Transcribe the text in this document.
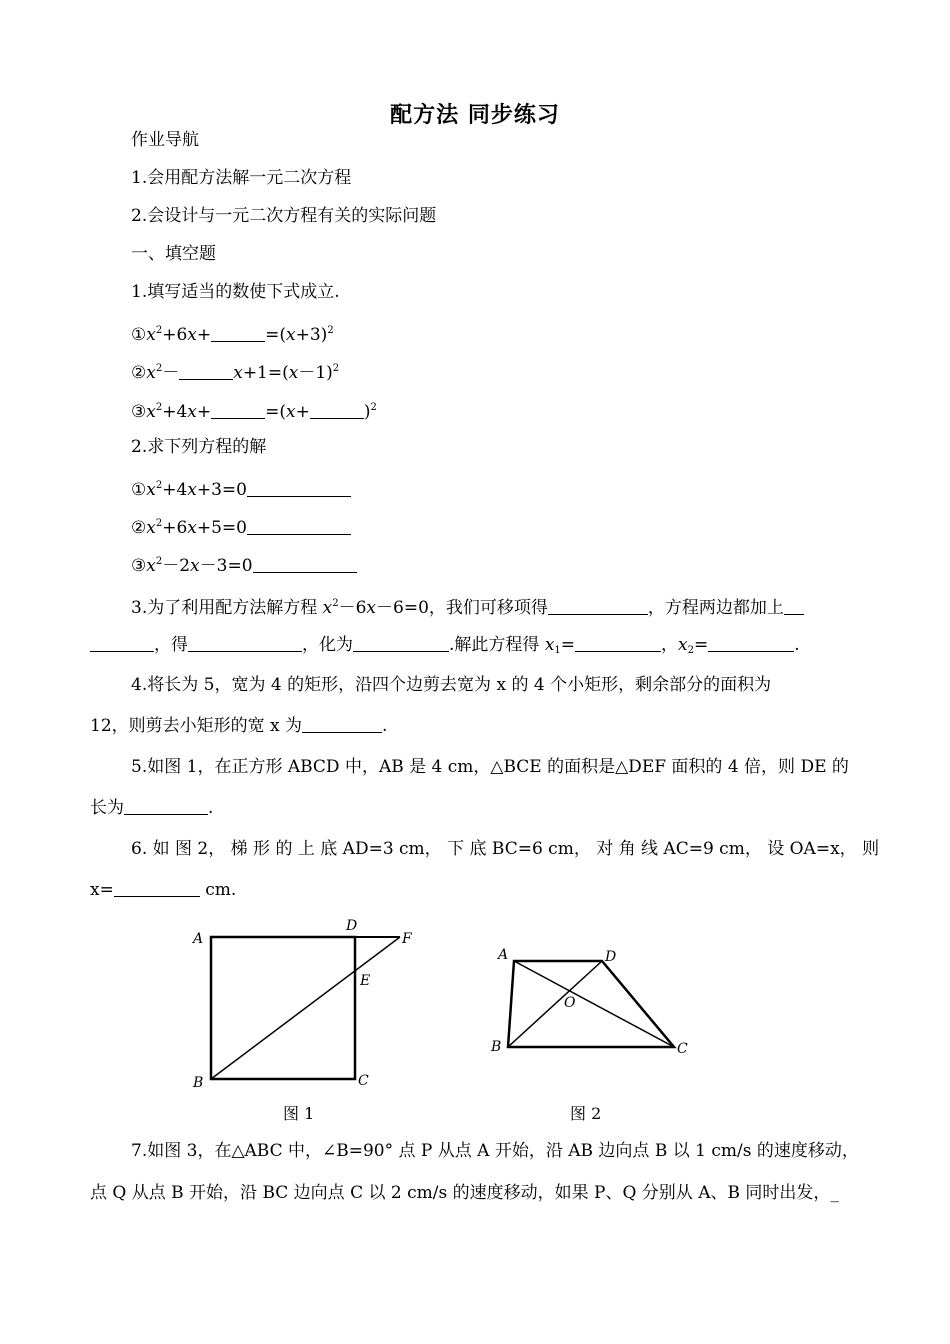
配方法 同步练习
作业导航
1.会用配方法解一元二次方程
2.会设计与一元二次方程有关的实际问题
一、填空题
1.填写适当的数使下式成立.
$①x^2+6x+$	$=(x+3)^2$
$②x^2-$	$x+1=(x-1)^2$
$③x^2+4x+$	=(x+	)$^2$
2.求下列方程的解
$①x^2+4x+3=0$
$②x^2+6x+5=0$
$③x^2-2x-3=0$
3.为了利用配方法解方程 $x^2-6x-6=0$，我们可移项得	，方程两边都加上
，得	，化为	.解此方程得 $x_1=$	，$x_2=$	.
4.将长为 5，宽为 4 的矩形，沿四个边剪去宽为 x 的 4 个小矩形，剩余部分的面积为
12，则剪去小矩形的宽 x 为	.
5.如图 1，在正方形 ABCD 中，AB 是 4 cm，△BCE 的面积是△DEF 面积的 4 倍，则 DE 的
长为	.
6. 如 图 2， 梯 形 的 上 底 AD=3 cm， 下 底 BC=6 cm， 对 角 线 AC=9 cm， 设 OA=x， 则
x=	cm.
A
B	C
D
E
F
图 1
A
B	C
D
O
图 2
7.如图 3，在△ABC 中，∠B=90° 点 P 从点 A 开始，沿 AB 边向点 B 以 1 cm/s 的速度移动，
点 Q 从点 B 开始，沿 BC 边向点 C 以 2 cm/s 的速度移动，如果 P、Q 分别从 A、B 同时出发，_
